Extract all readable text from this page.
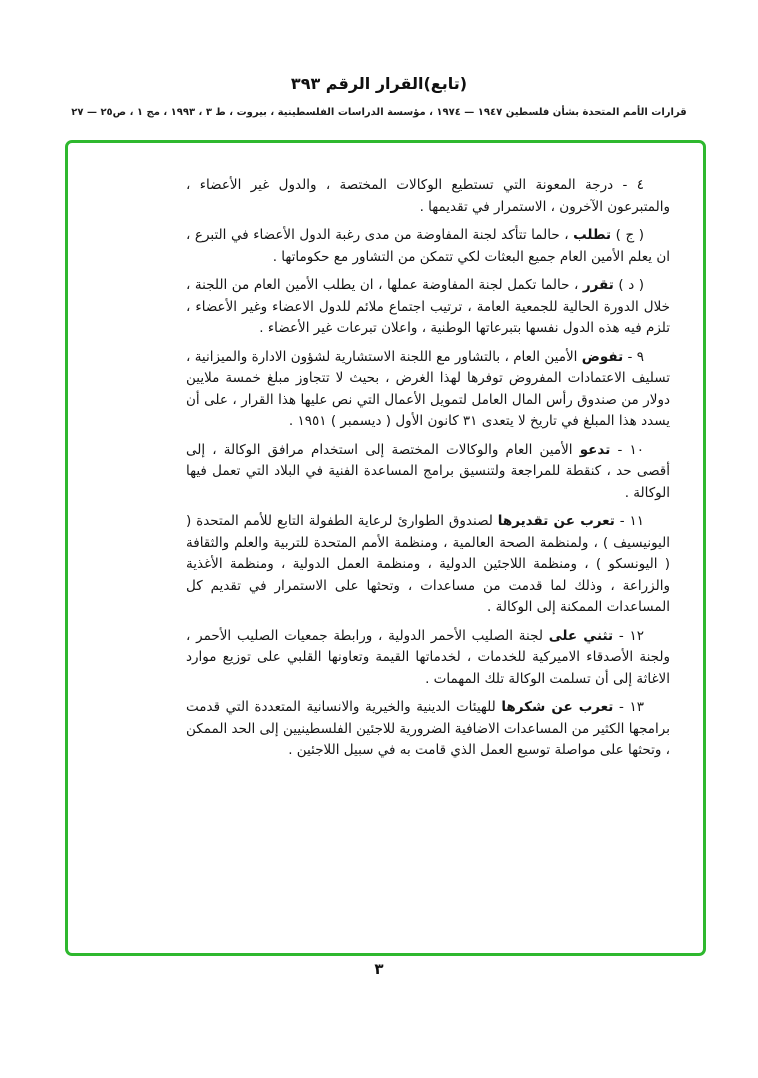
(تابع)القرار الرقم ٣٩٣
قرارات الأمم المتحدة بشأن فلسطين ١٩٤٧ — ١٩٧٤ ، مؤسسة الدراسات الفلسطينية ، بيروت ، ط ٣ ، ١٩٩٣ ، مج ١ ، ص٢٥ — ٢٧

٤ - درجة المعونة التي تستطيع الوكالات المختصة ، والدول غير الأعضاء ، والمتبرعون الآخرون ، الاستمرار في تقديمها .

( ج ) تطلب ، حالما تتأكد لجنة المفاوضة من مدى رغبة الدول الأعضاء في التبرع ، ان يعلم الأمين العام جميع البعثات لكي تتمكن من التشاور مع حكوماتها .

( د ) تقرر ، حالما تكمل لجنة المفاوضة عملها ، ان يطلب الأمين العام من اللجنة ، خلال الدورة الحالية للجمعية العامة ، ترتيب اجتماع ملائم للدول الاعضاء وغير الأعضاء ، تلزم فيه هذه الدول نفسها بتبرعاتها الوطنية ، واعلان تبرعات غير الأعضاء .

٩ - تفوض الأمين العام ، بالتشاور مع اللجنة الاستشارية لشؤون الادارة والميزانية ، تسليف الاعتمادات المفروض توفرها لهذا الغرض ، بحيث لا تتجاوز مبلغ خمسة ملايين دولار من صندوق رأس المال العامل لتمويل الأعمال التي نص عليها هذا القرار ، على أن يسدد هذا المبلغ في تاريخ لا يتعدى ٣١ كانون الأول ( ديسمبر ) ١٩٥١ .

١٠ - تدعو الأمين العام والوكالات المختصة إلى استخدام مرافق الوكالة ، إلى أقصى حد ، كنقطة للمراجعة ولتنسيق برامج المساعدة الفنية في البلاد التي تعمل فيها الوكالة .

١١ - تعرب عن تقديرها لصندوق الطوارئ لرعاية الطفولة التابع للأمم المتحدة ( اليونيسيف ) ، ولمنظمة الصحة العالمية ، ومنظمة الأمم المتحدة للتربية والعلم والثقافة ( اليونسكو ) ، ومنظمة اللاجئين الدولية ، ومنظمة العمل الدولية ، ومنظمة الأغذية والزراعة ، وذلك لما قدمت من مساعدات ، وتحثها على الاستمرار في تقديم كل المساعدات الممكنة إلى الوكالة .

١٢ - تثني على لجنة الصليب الأحمر الدولية ، ورابطة جمعيات الصليب الأحمر ، ولجنة الأصدقاء الاميركية للخدمات ، لخدماتها القيمة وتعاونها القلبي على توزيع موارد الاغاثة إلى أن تسلمت الوكالة تلك المهمات .

١٣ - تعرب عن شكرها للهيئات الدينية والخيرية والانسانية المتعددة التي قدمت برامجها الكثير من المساعدات الاضافية الضرورية للاجئين الفلسطينيين إلى الحد الممكن ، وتحثها على مواصلة توسيع العمل الذي قامت به في سبيل اللاجئين .

٣
